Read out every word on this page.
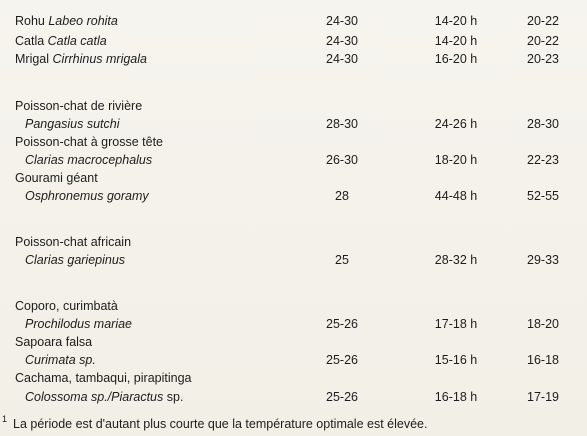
Rohu Labeo rohita	24-30	14-20 h	20-22
Catla Catla catla	24-30	14-20 h	20-22
Mrigal Cirrhinus mrigala	24-30	16-20 h	20-23
Poisson-chat de rivière
Pangasius sutchi	28-30	24-26 h	28-30
Poisson-chat à grosse tête
Clarias macrocephalus	26-30	18-20 h	22-23
Gourami géant
Osphronemus goramy	28	44-48 h	52-55
Poisson-chat africain
Clarias gariepinus	25	28-32 h	29-33
Coporo, curimbatà
Prochilodus mariae	25-26	17-18 h	18-20
Sapoara falsa
Curimata sp.	25-26	15-16 h	16-18
Cachama, tambaqui, pirapitinga
Colossoma sp./Piaractus sp.	25-26	16-18 h	17-19
$^1$ La période est d'autant plus courte que la température optimale est élevée.
